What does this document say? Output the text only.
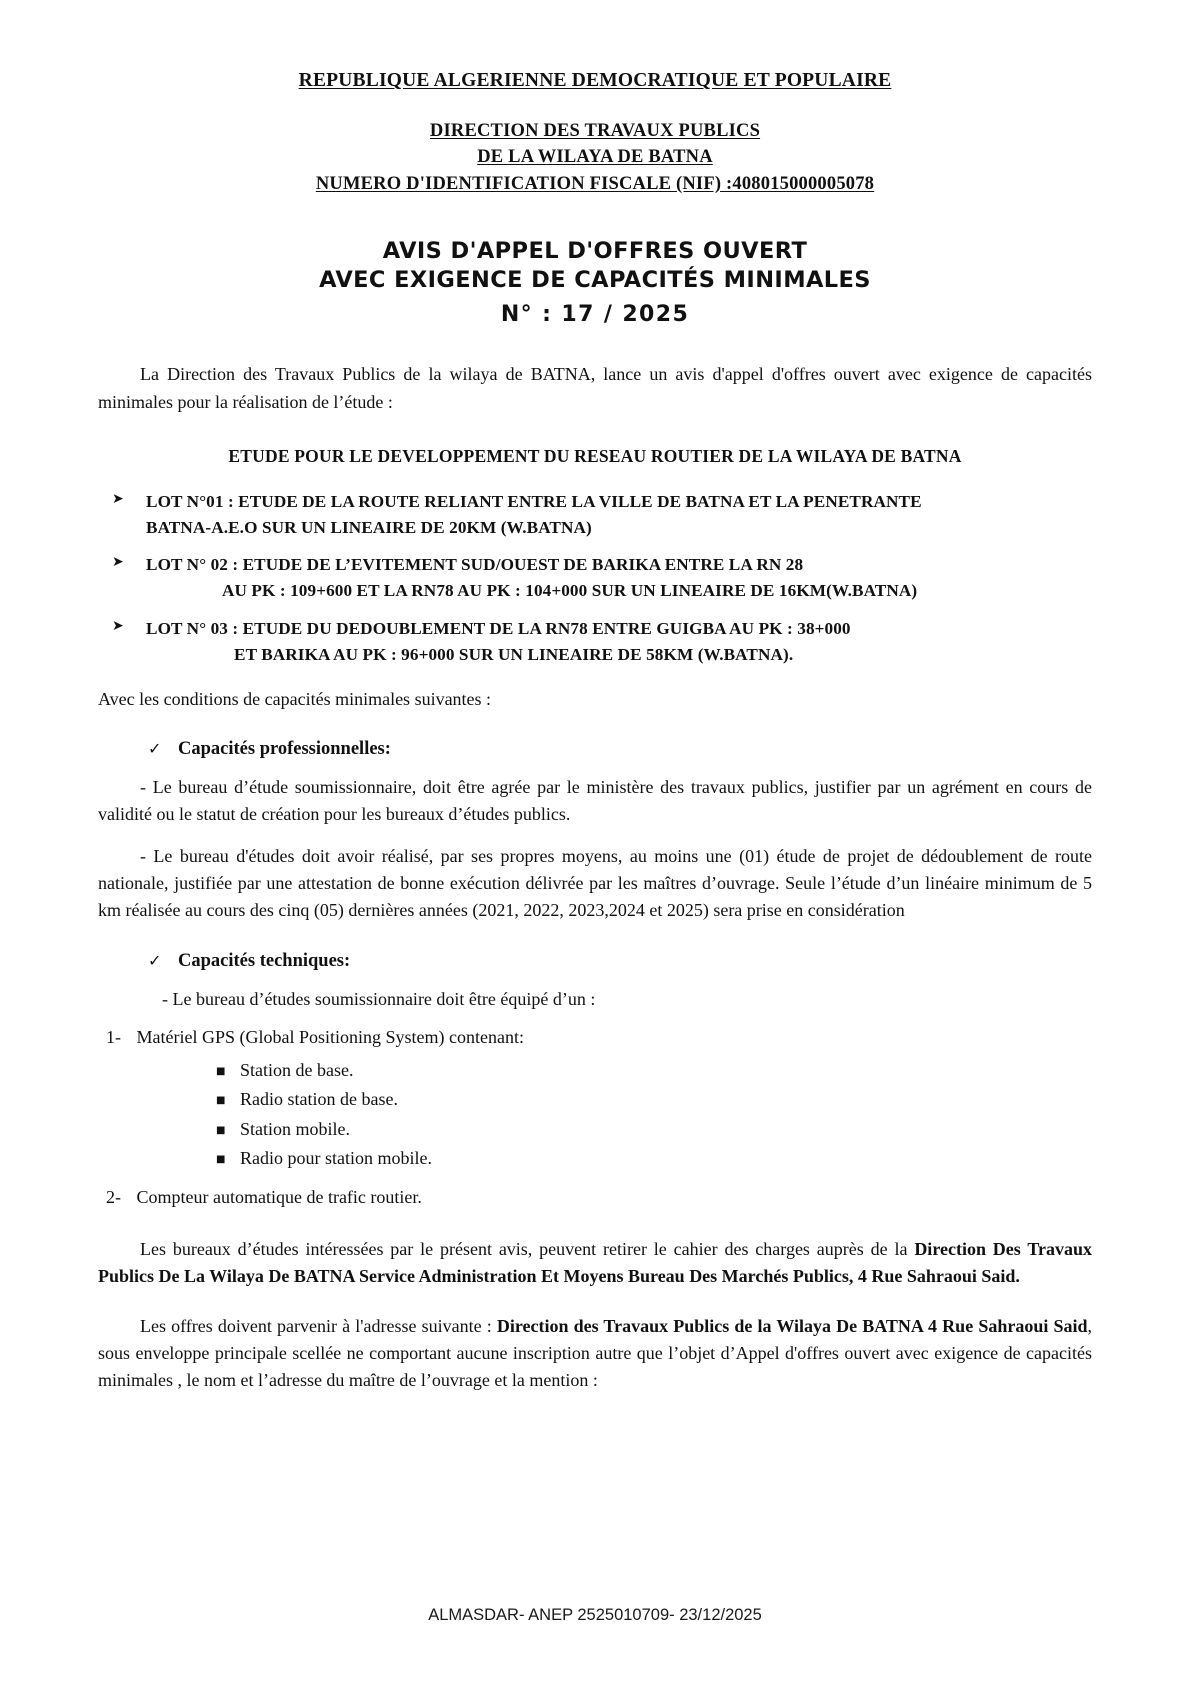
REPUBLIQUE ALGERIENNE DEMOCRATIQUE ET POPULAIRE
DIRECTION DES TRAVAUX PUBLICS
DE LA WILAYA DE BATNA
NUMERO D'IDENTIFICATION FISCALE (NIF) :408015000005078
AVIS D'APPEL D'OFFRES OUVERT
AVEC EXIGENCE DE CAPACITÉS MINIMALES
N° : 17 / 2025

La Direction des Travaux Publics de la wilaya de BATNA, lance un avis d'appel d'offres ouvert avec exigence de capacités minimales pour la réalisation de l’étude :

ETUDE POUR LE DEVELOPPEMENT DU RESEAU ROUTIER DE LA WILAYA DE BATNA

➤	LOT N°01 : ETUDE DE LA ROUTE RELIANT ENTRE LA VILLE DE BATNA ET LA PENETRANTE
BATNA-A.E.O SUR UN LINEAIRE DE 20KM (W.BATNA)
➤	LOT N° 02 : ETUDE DE L’EVITEMENT SUD/OUEST DE BARIKA ENTRE LA RN 28
AU PK : 109+600 ET LA RN78 AU PK : 104+000 SUR UN LINEAIRE DE 16KM(W.BATNA)
➤	LOT N° 03 : ETUDE DU DEDOUBLEMENT DE LA RN78 ENTRE GUIGBA AU PK : 38+000
ET BARIKA AU PK : 96+000 SUR UN LINEAIRE DE 58KM (W.BATNA).

Avec les conditions de capacités minimales suivantes :

✓ Capacités professionnelles:

- Le bureau d’étude soumissionnaire, doit être agrée par le ministère des travaux publics, justifier par un agrément en cours de validité ou le statut de création pour les bureaux d’études publics.

- Le bureau d'études doit avoir réalisé, par ses propres moyens, au moins une (01) étude de projet de dédoublement de route nationale, justifiée par une attestation de bonne exécution délivrée par les maîtres d’ouvrage. Seule l’étude d’un linéaire minimum de 5 km réalisée au cours des cinq (05) dernières années (2021, 2022, 2023,2024 et 2025) sera prise en considération

✓ Capacités techniques:

- Le bureau d’études soumissionnaire doit être équipé d’un :

1- Matériel GPS (Global Positioning System) contenant:

■ Station de base.
■ Radio station de base.
■ Station mobile.
■ Radio pour station mobile.

2- Compteur automatique de trafic routier.

Les bureaux d’études intéressées par le présent avis, peuvent retirer le cahier des charges auprès de la Direction Des Travaux Publics De La Wilaya De BATNA Service Administration Et Moyens Bureau Des Marchés Publics, 4 Rue Sahraoui Said.

Les offres doivent parvenir à l'adresse suivante : Direction des Travaux Publics de la Wilaya De BATNA 4 Rue Sahraoui Said, sous enveloppe principale scellée ne comportant aucune inscription autre que l’objet d’Appel d'offres ouvert avec exigence de capacités minimales , le nom et l’adresse du maître de l’ouvrage et la mention :

ALMASDAR- ANEP 2525010709- 23/12/2025
